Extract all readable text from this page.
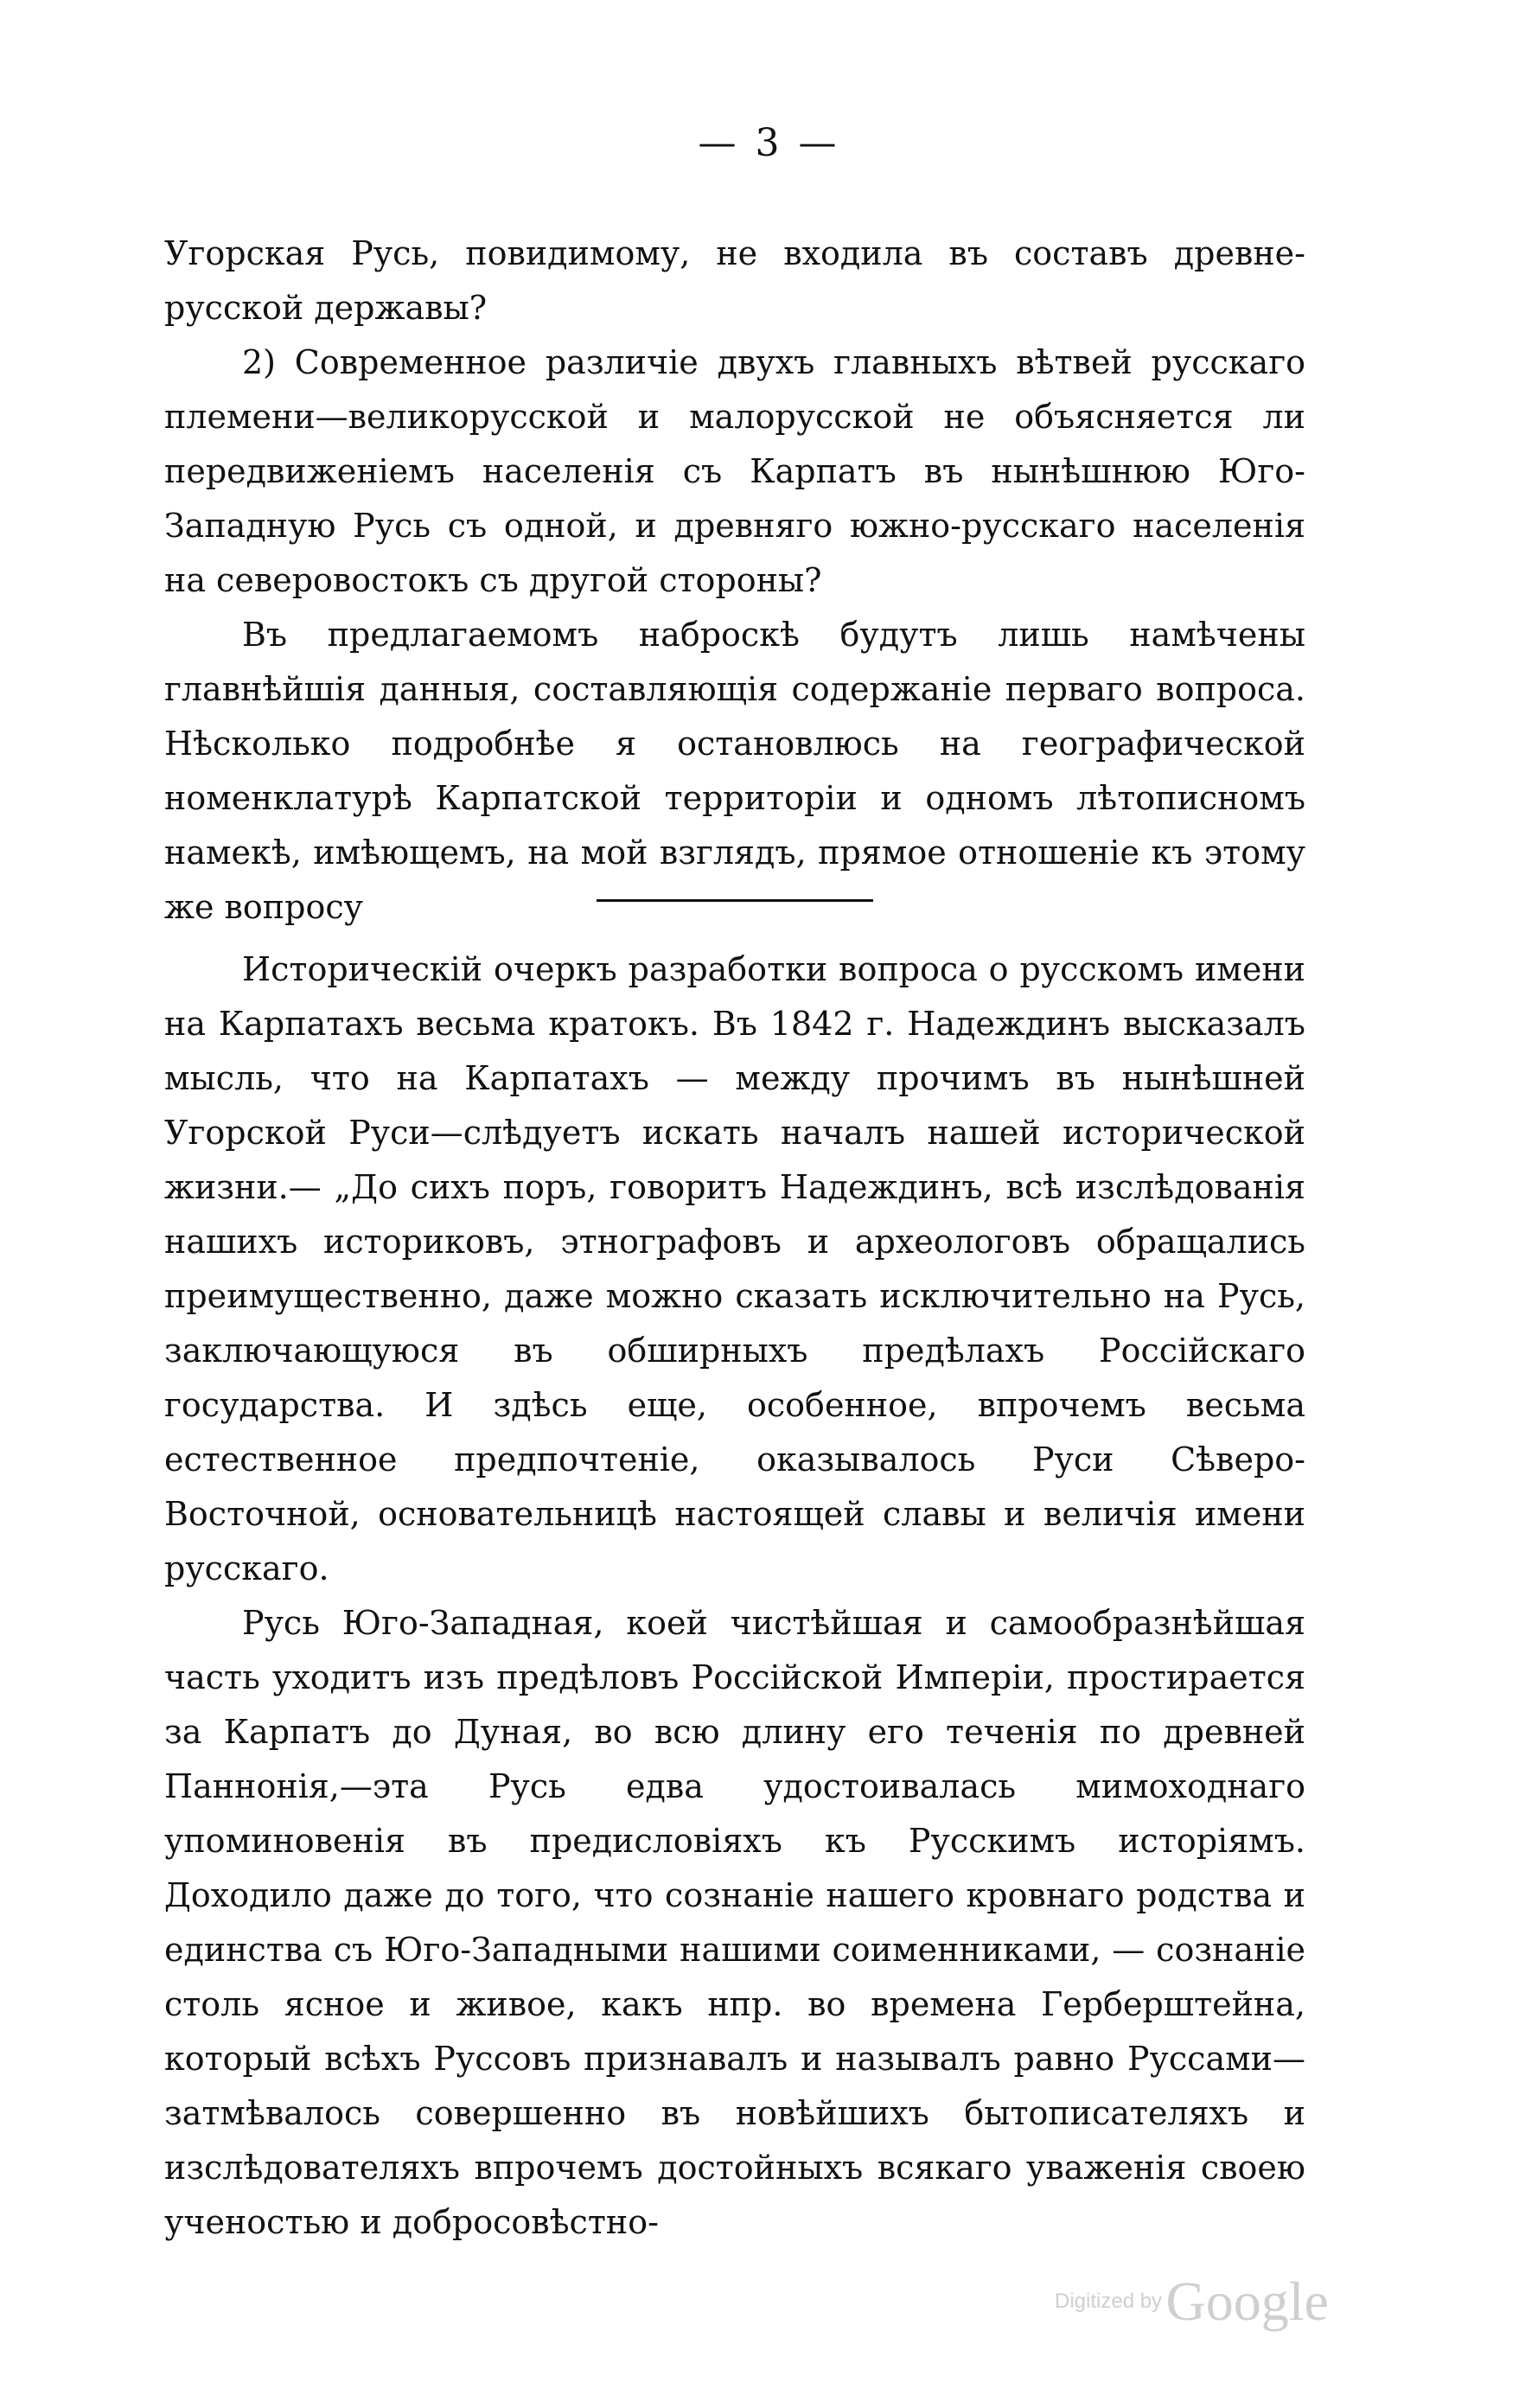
— 3 —

Угорская Русь, повидимому, не входила въ составъ древне-русской державы?

2) Современное различіе двухъ главныхъ вѣтвей русскаго племени—великорусской и малорусской не объясняется ли передвиженіемъ населенія съ Карпатъ въ нынѣшнюю Юго-Западную Русь съ одной, и древняго южно-русскаго населенія на северовостокъ съ другой стороны?

Въ предлагаемомъ наброскѣ будутъ лишь намѣчены главнѣйшія данныя, составляющія содержаніе перваго вопроса. Нѣсколько подробнѣе я остановлюсь на географической номенклатурѣ Карпатской территоріи и одномъ лѣтописномъ намекѣ, имѣющемъ, на мой взглядъ, прямое отношеніе къ этому же вопросу

Историческій очеркъ разработки вопроса о русскомъ имени на Карпатахъ весьма кратокъ. Въ 1842 г. Надеждинъ высказалъ мысль, что на Карпатахъ — между прочимъ въ нынѣшней Угорской Руси—слѣдуетъ искать началъ нашей исторической жизни.— „До сихъ поръ, говоритъ Надеждинъ, всѣ изслѣдованія нашихъ историковъ, этнографовъ и археологовъ обращались преимущественно, даже можно сказать исключительно на Русь, заключающуюся въ обширныхъ предѣлахъ Россійскаго государства. И здѣсь еще, особенное, впрочемъ весьма естественное предпочтеніе, оказывалось Руси Сѣверо-Восточной, основательницѣ настоящей славы и величія имени русскаго.

Русь Юго-Западная, коей чистѣйшая и самообразнѣйшая часть уходитъ изъ предѣловъ Россійской Имперіи, простирается за Карпатъ до Дуная, во всю длину его теченія по древней Паннонія,—эта Русь едва удостоивалась мимоходнаго упоминовенія въ предисловіяхъ къ Русскимъ исторіямъ. Доходило даже до того, что сознаніе нашего кровнаго родства и единства съ Юго-Западными нашими соименниками, — сознаніе столь ясное и живое, какъ нпр. во времена Герберштейна, который всѣхъ Руссовъ признавалъ и называлъ равно Руссами—затмѣвалось совершенно въ новѣйшихъ бытописателяхъ и изслѣдователяхъ впрочемъ достойныхъ всякаго уваженія своею ученостью и добросовѣстно-

Digitized by Google
